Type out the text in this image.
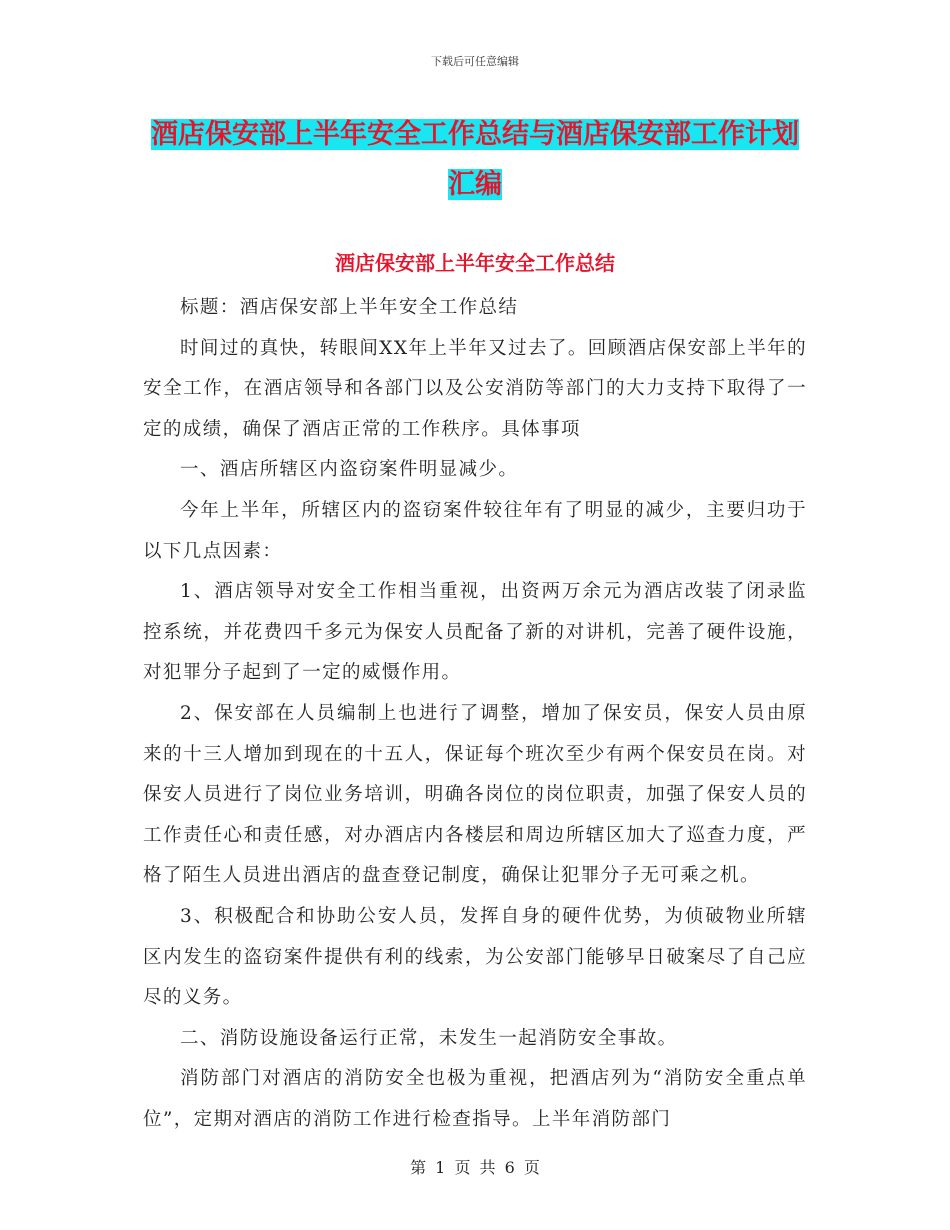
下载后可任意编辑
酒店保安部上半年安全工作总结与酒店保安部工作计划汇编
酒店保安部上半年安全工作总结

标题：酒店保安部上半年安全工作总结

时间过的真快，转眼间XX年上半年又过去了。回顾酒店保安部上半年的安全工作，在酒店领导和各部门以及公安消防等部门的大力支持下取得了一定的成绩，确保了酒店正常的工作秩序。具体事项

一、酒店所辖区内盗窃案件明显减少。

今年上半年，所辖区内的盗窃案件较往年有了明显的减少，主要归功于以下几点因素：

1、酒店领导对安全工作相当重视，出资两万余元为酒店改装了闭录监控系统，并花费四千多元为保安人员配备了新的对讲机，完善了硬件设施，对犯罪分子起到了一定的威慑作用。

2、保安部在人员编制上也进行了调整，增加了保安员，保安人员由原来的十三人增加到现在的十五人，保证每个班次至少有两个保安员在岗。对保安人员进行了岗位业务培训，明确各岗位的岗位职责，加强了保安人员的工作责任心和责任感，对办酒店内各楼层和周边所辖区加大了巡查力度，严格了陌生人员进出酒店的盘查登记制度，确保让犯罪分子无可乘之机。

3、积极配合和协助公安人员，发挥自身的硬件优势，为侦破物业所辖区内发生的盗窃案件提供有利的线索，为公安部门能够早日破案尽了自己应尽的义务。

二、消防设施设备运行正常，未发生一起消防安全事故。

消防部门对酒店的消防安全也极为重视，把酒店列为“消防安全重点单位”，定期对酒店的消防工作进行检查指导。上半年消防部门

第 1 页 共 6 页
